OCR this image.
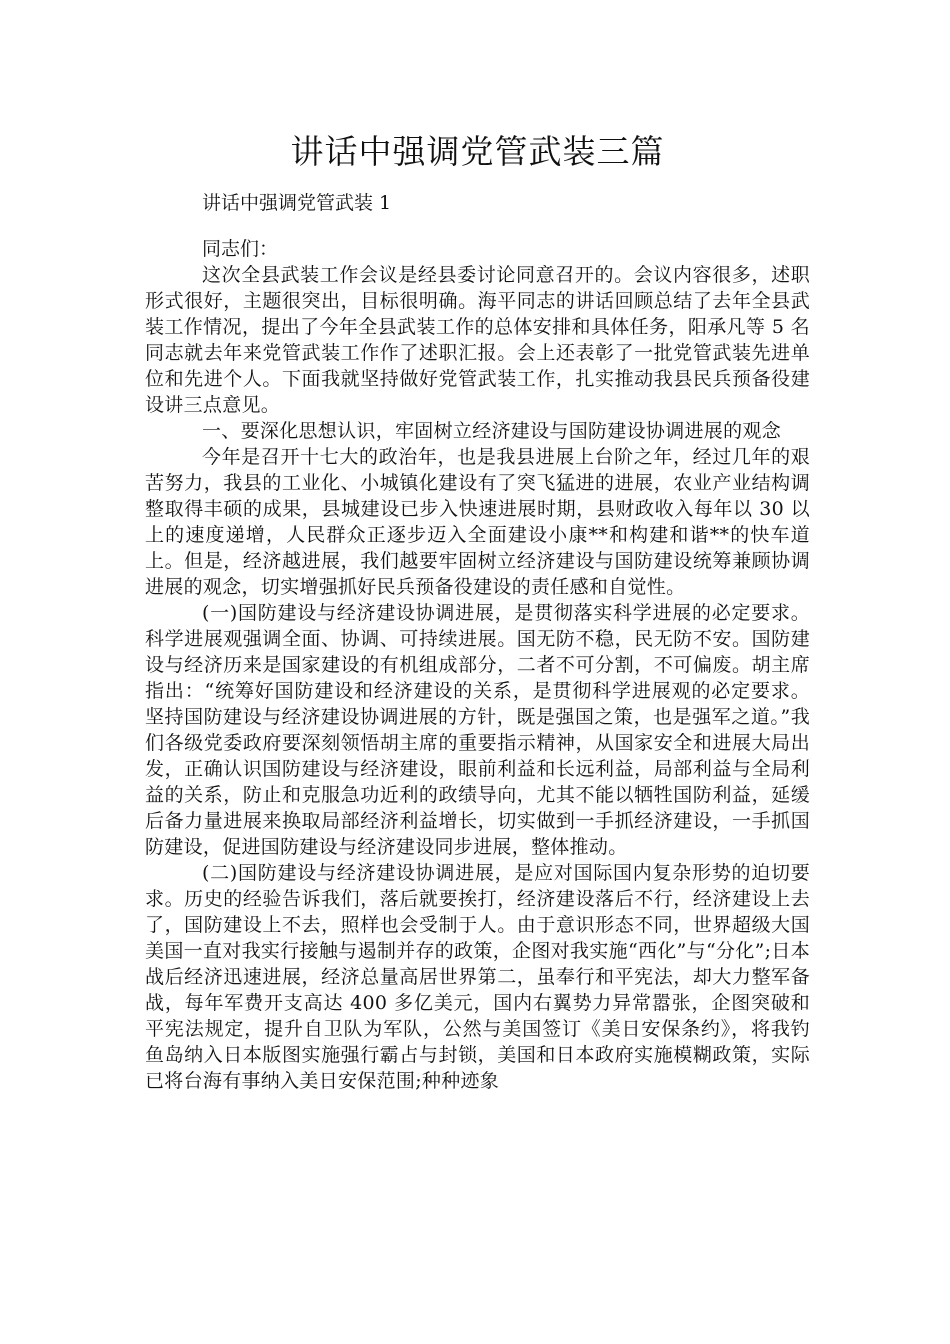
讲话中强调党管武装三篇

讲话中强调党管武装 1

同志们：

这次全县武装工作会议是经县委讨论同意召开的。会议内容很多，述职形式很好，主题很突出，目标很明确。海平同志的讲话回顾总结了去年全县武装工作情况，提出了今年全县武装工作的总体安排和具体任务，阳承凡等 5 名同志就去年来党管武装工作作了述职汇报。会上还表彰了一批党管武装先进单位和先进个人。下面我就坚持做好党管武装工作，扎实推动我县民兵预备役建设讲三点意见。

一、要深化思想认识，牢固树立经济建设与国防建设协调进展的观念

今年是召开十七大的政治年，也是我县进展上台阶之年，经过几年的艰苦努力，我县的工业化、小城镇化建设有了突飞猛进的进展，农业产业结构调整取得丰硕的成果，县城建设已步入快速进展时期，县财政收入每年以 30 以上的速度递增，人民群众正逐步迈入全面建设小康**和构建和谐**的快车道上。但是，经济越进展，我们越要牢固树立经济建设与国防建设统筹兼顾协调进展的观念，切实增强抓好民兵预备役建设的责任感和自觉性。

(一)国防建设与经济建设协调进展，是贯彻落实科学进展的必定要求。科学进展观强调全面、协调、可持续进展。国无防不稳，民无防不安。国防建设与经济历来是国家建设的有机组成部分，二者不可分割，不可偏废。胡主席指出：“统筹好国防建设和经济建设的关系，是贯彻科学进展观的必定要求。坚持国防建设与经济建设协调进展的方针，既是强国之策，也是强军之道。”我们各级党委政府要深刻领悟胡主席的重要指示精神，从国家安全和进展大局出发，正确认识国防建设与经济建设，眼前利益和长远利益，局部利益与全局利益的关系，防止和克服急功近利的政绩导向，尤其不能以牺牲国防利益，延缓后备力量进展来换取局部经济利益增长，切实做到一手抓经济建设，一手抓国防建设，促进国防建设与经济建设同步进展，整体推动。

(二)国防建设与经济建设协调进展，是应对国际国内复杂形势的迫切要求。历史的经验告诉我们，落后就要挨打，经济建设落后不行，经济建设上去了，国防建设上不去，照样也会受制于人。由于意识形态不同，世界超级大国美国一直对我实行接触与遏制并存的政策，企图对我实施“西化”与“分化”;日本战后经济迅速进展，经济总量高居世界第二，虽奉行和平宪法，却大力整军备战，每年军费开支高达 400 多亿美元，国内右翼势力异常嚣张，企图突破和平宪法规定，提升自卫队为军队，公然与美国签订《美日安保条约》，将我钓鱼岛纳入日本版图实施强行霸占与封锁，美国和日本政府实施模糊政策，实际已将台海有事纳入美日安保范围;种种迹象
